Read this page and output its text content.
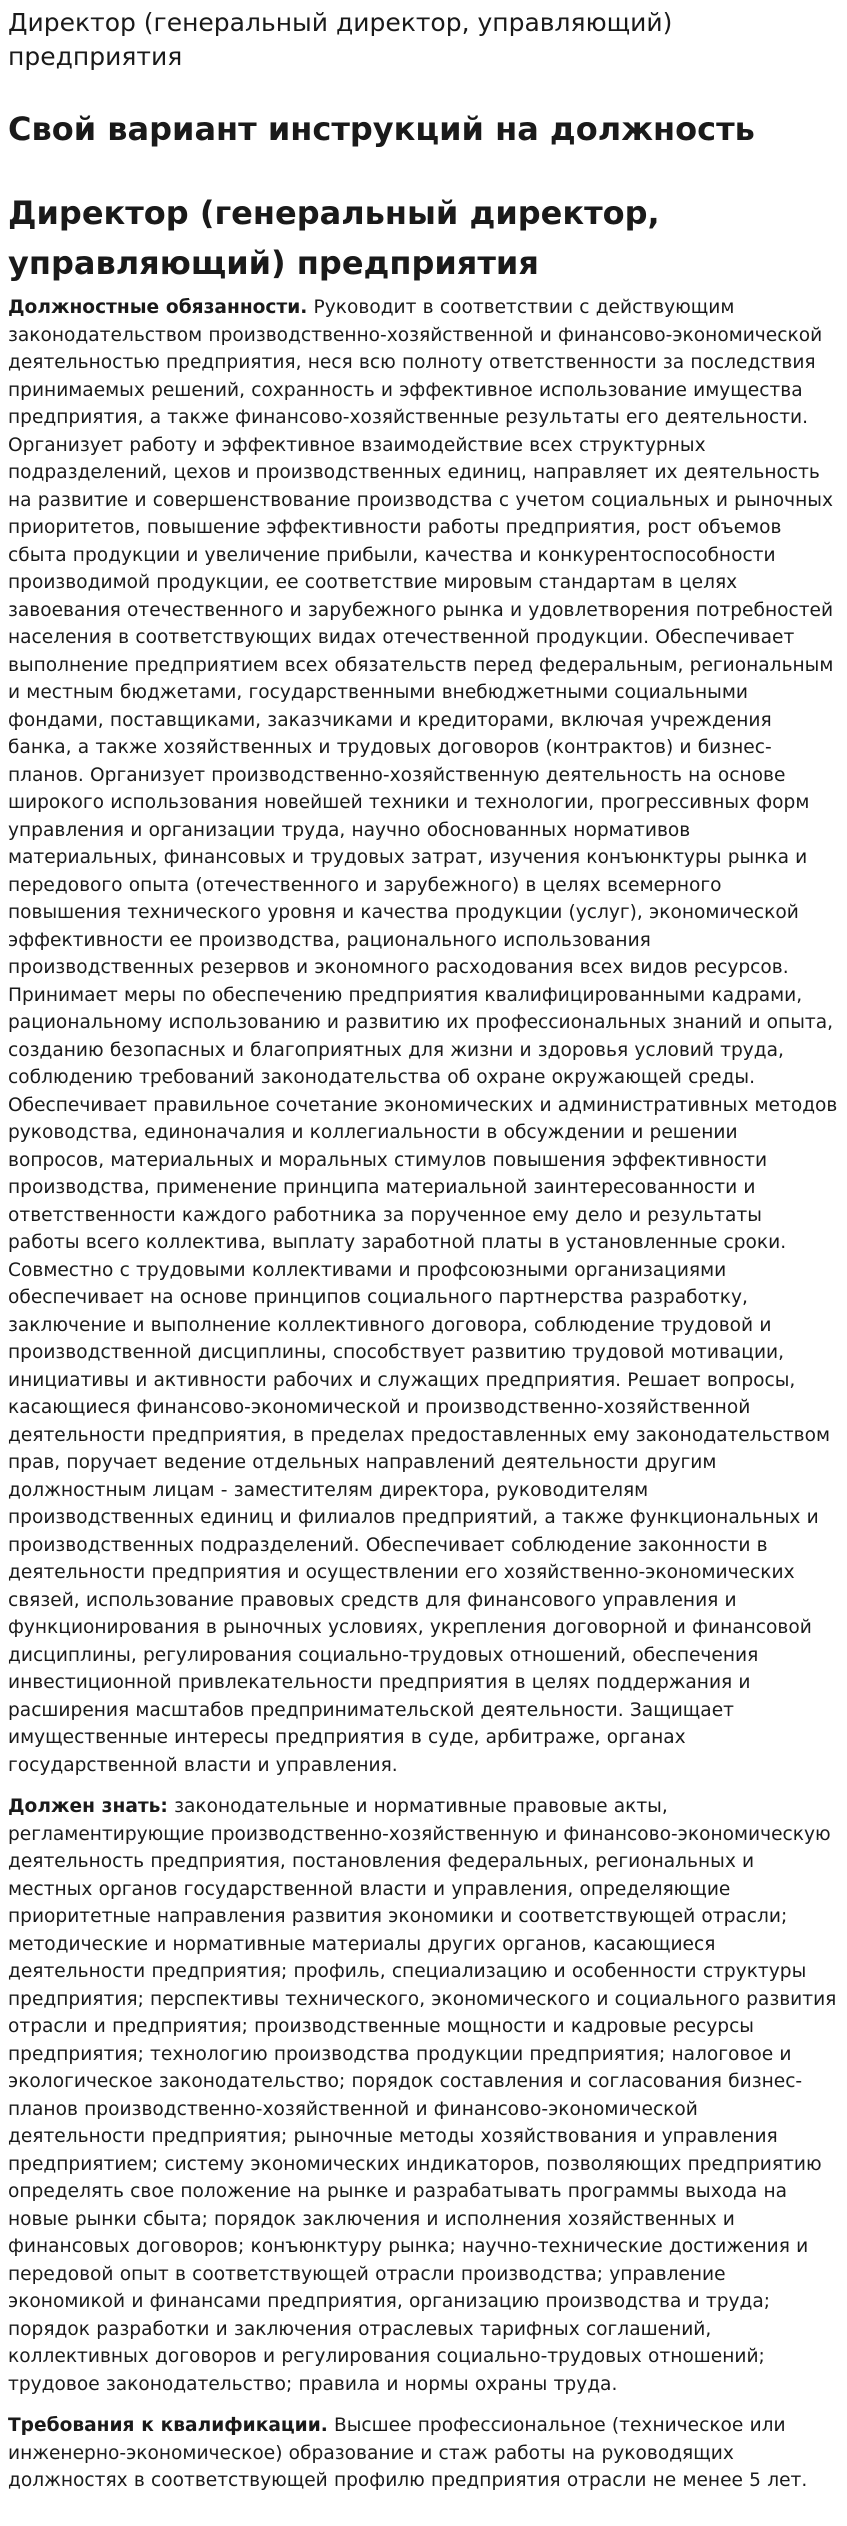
Директор (генеральный директор, управляющий) предприятия
Свой вариант инструкций на должность
Директор (генеральный директор, управляющий) предприятия

Должностные обязанности. Руководит в соответствии с действующим законодательством производственно-хозяйственной и финансово-экономической деятельностью предприятия, неся всю полноту ответственности за последствия принимаемых решений, сохранность и эффективное использование имущества предприятия, а также финансово-хозяйственные результаты его деятельности. Организует работу и эффективное взаимодействие всех структурных подразделений, цехов и производственных единиц, направляет их деятельность на развитие и совершенствование производства с учетом социальных и рыночных приоритетов, повышение эффективности работы предприятия, рост объемов сбыта продукции и увеличение прибыли, качества и конкурентоспособности производимой продукции, ее соответствие мировым стандартам в целях завоевания отечественного и зарубежного рынка и удовлетворения потребностей населения в соответствующих видах отечественной продукции. Обеспечивает выполнение предприятием всех обязательств перед федеральным, региональным и местным бюджетами, государственными внебюджетными социальными фондами, поставщиками, заказчиками и кредиторами, включая учреждения банка, а также хозяйственных и трудовых договоров (контрактов) и бизнес-планов. Организует производственно-хозяйственную деятельность на основе широкого использования новейшей техники и технологии, прогрессивных форм управления и организации труда, научно обоснованных нормативов материальных, финансовых и трудовых затрат, изучения конъюнктуры рынка и передового опыта (отечественного и зарубежного) в целях всемерного повышения технического уровня и качества продукции (услуг), экономической эффективности ее производства, рационального использования производственных резервов и экономного расходования всех видов ресурсов. Принимает меры по обеспечению предприятия квалифицированными кадрами, рациональному использованию и развитию их профессиональных знаний и опыта, созданию безопасных и благоприятных для жизни и здоровья условий труда, соблюдению требований законодательства об охране окружающей среды. Обеспечивает правильное сочетание экономических и административных методов руководства, единоначалия и коллегиальности в обсуждении и решении вопросов, материальных и моральных стимулов повышения эффективности производства, применение принципа материальной заинтересованности и ответственности каждого работника за порученное ему дело и результаты работы всего коллектива, выплату заработной платы в установленные сроки. Совместно с трудовыми коллективами и профсоюзными организациями обеспечивает на основе принципов социального партнерства разработку, заключение и выполнение коллективного договора, соблюдение трудовой и производственной дисциплины, способствует развитию трудовой мотивации, инициативы и активности рабочих и служащих предприятия. Решает вопросы, касающиеся финансово-экономической и производственно-хозяйственной деятельности предприятия, в пределах предоставленных ему законодательством прав, поручает ведение отдельных направлений деятельности другим должностным лицам - заместителям директора, руководителям производственных единиц и филиалов предприятий, а также функциональных и производственных подразделений. Обеспечивает соблюдение законности в деятельности предприятия и осуществлении его хозяйственно-экономических связей, использование правовых средств для финансового управления и функционирования в рыночных условиях, укрепления договорной и финансовой дисциплины, регулирования социально-трудовых отношений, обеспечения инвестиционной привлекательности предприятия в целях поддержания и расширения масштабов предпринимательской деятельности. Защищает имущественные интересы предприятия в суде, арбитраже, органах государственной власти и управления.

Должен знать: законодательные и нормативные правовые акты, регламентирующие производственно-хозяйственную и финансово-экономическую деятельность предприятия, постановления федеральных, региональных и местных органов государственной власти и управления, определяющие приоритетные направления развития экономики и соответствующей отрасли; методические и нормативные материалы других органов, касающиеся деятельности предприятия; профиль, специализацию и особенности структуры предприятия; перспективы технического, экономического и социального развития отрасли и предприятия; производственные мощности и кадровые ресурсы предприятия; технологию производства продукции предприятия; налоговое и экологическое законодательство; порядок составления и согласования бизнес-планов производственно-хозяйственной и финансово-экономической деятельности предприятия; рыночные методы хозяйствования и управления предприятием; систему экономических индикаторов, позволяющих предприятию определять свое положение на рынке и разрабатывать программы выхода на новые рынки сбыта; порядок заключения и исполнения хозяйственных и финансовых договоров; конъюнктуру рынка; научно-технические достижения и передовой опыт в соответствующей отрасли производства; управление экономикой и финансами предприятия, организацию производства и труда; порядок разработки и заключения отраслевых тарифных соглашений, коллективных договоров и регулирования социально-трудовых отношений; трудовое законодательство; правила и нормы охраны труда.

Требования к квалификации. Высшее профессиональное (техническое или инженерно-экономическое) образование и стаж работы на руководящих должностях в соответствующей профилю предприятия отрасли не менее 5 лет.
